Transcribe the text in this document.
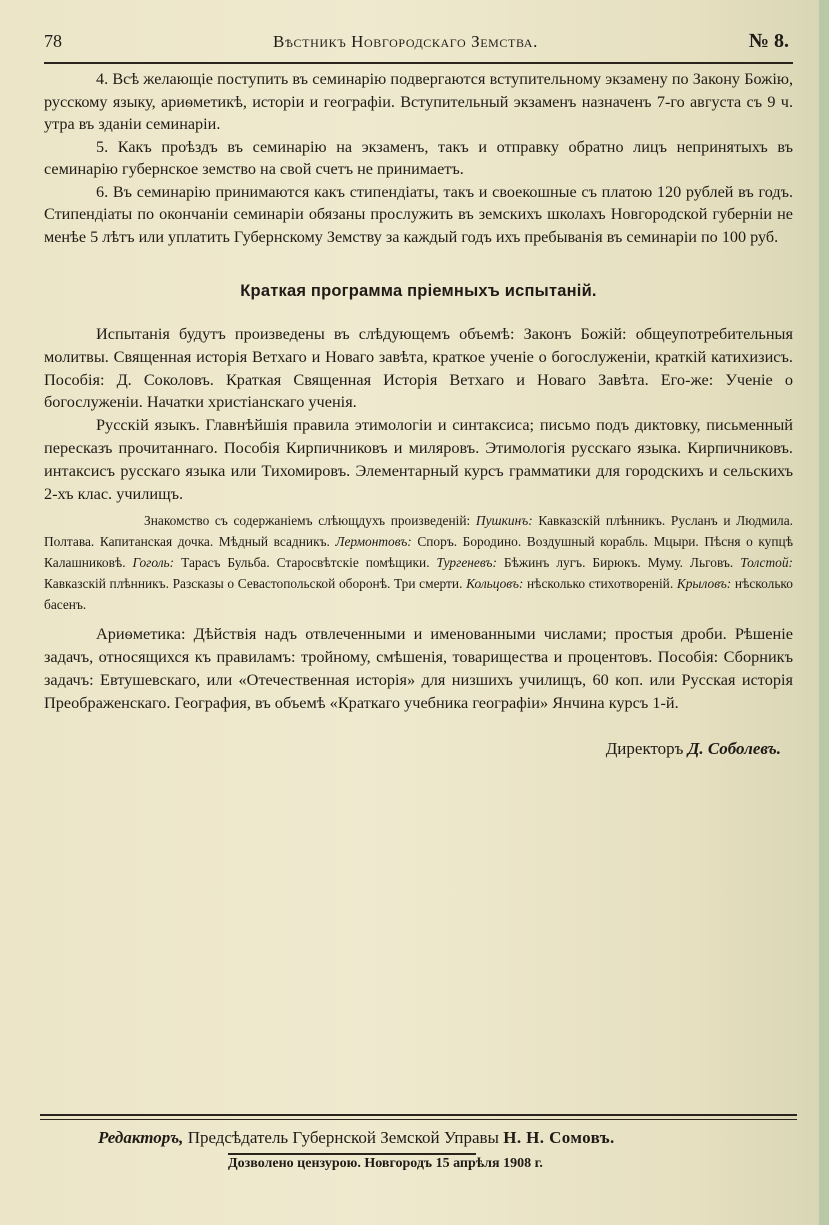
78	Вѣстникъ Новгородскаго Земства.	№ 8.

4. Всѣ желающіе поступить въ семинарію подвергаются вступительному экзамену по Закону Божію, русскому языку, ариѳметикѣ, исторіи и географіи. Вступительный экзаменъ назначенъ 7-го августа съ 9 ч. утра въ зданіи семинаріи.

5. Какъ проѣздъ въ семинарію на экзаменъ, такъ и отправку обратно лицъ непринятыхъ въ семинарію губернское земство на свой счетъ не принимаетъ.

6. Въ семинарію принимаются какъ стипендіаты, такъ и своекошные съ платою 120 рублей въ годъ. Стипендіаты по окончаніи семинаріи обязаны прослужить въ земскихъ школахъ Новгородской губерніи не менѣе 5 лѣтъ или уплатить Губернскому Земству за каждый годъ ихъ пребыванія въ семинаріи по 100 руб.

Краткая программа пріемныхъ испытаній.

Испытанія будутъ произведены въ слѣдующемъ объемѣ: Законъ Божій: общеупотребительныя молитвы. Священная исторія Ветхаго и Новаго завѣта, краткое ученіе о богослуженіи, краткій катихизисъ. Пособія: Д. Соколовъ. Краткая Священная Исторія Ветхаго и Новаго Завѣта. Его-же: Ученіе о богослуженіи. Начатки христіанскаго ученія.

Русскій языкъ. Главнѣйшія правила этимологіи и синтаксиса; письмо подъ диктовку, письменный пересказъ прочитаннаго. Пособія Кирпичниковъ и миляровъ. Этимологія русскаго языка. Кирпичниковъ. интаксисъ русскаго языка или Тихомировъ. Элементарный курсъ грамматики для городскихъ и сельскихъ 2-хъ клас. училищъ.

Знакомство съ содержаніемъ слѣющдухъ произведеній: Пушкинъ: Кавказскій плѣнникъ. Русланъ и Людмила. Полтава. Капитанская дочка. Мѣдный всадникъ. Лермонтовъ: Споръ. Бородино. Воздушный корабль. Мцыри. Пѣсня о купцѣ Калашниковѣ. Гоголь: Тарасъ Бульба. Старосвѣтскіе помѣщики. Тургеневъ: Бѣжинъ лугъ. Бирюкъ. Муму. Льговъ. Толстой: Кавказскій плѣнникъ. Разсказы о Севастопольской оборонѣ. Три смерти. Кольцовъ: нѣсколько стихотвореній. Крыловъ: нѣсколько басенъ.

Ариѳметика: Дѣйствія надъ отвлеченными и именованными числами; простыя дроби. Рѣшеніе задачъ, относящихся къ правиламъ: тройному, смѣшенія, товарищества и процентовъ. Пособія: Сборникъ задачъ: Евтушевскаго, или «Отечественная исторія» для низшихъ училищъ, 60 коп. или Русская исторія Преображенскаго. География, въ объемѣ «Краткаго учебника географіи» Янчина курсъ 1-й.

Директоръ Д. Соболевъ.
Редакторъ, Предсѣдатель Губернской Земской Управы Н. Н. Сомовъ.
Дозволено цензурою. Новгородъ 15 апрѣля 1908 г.
